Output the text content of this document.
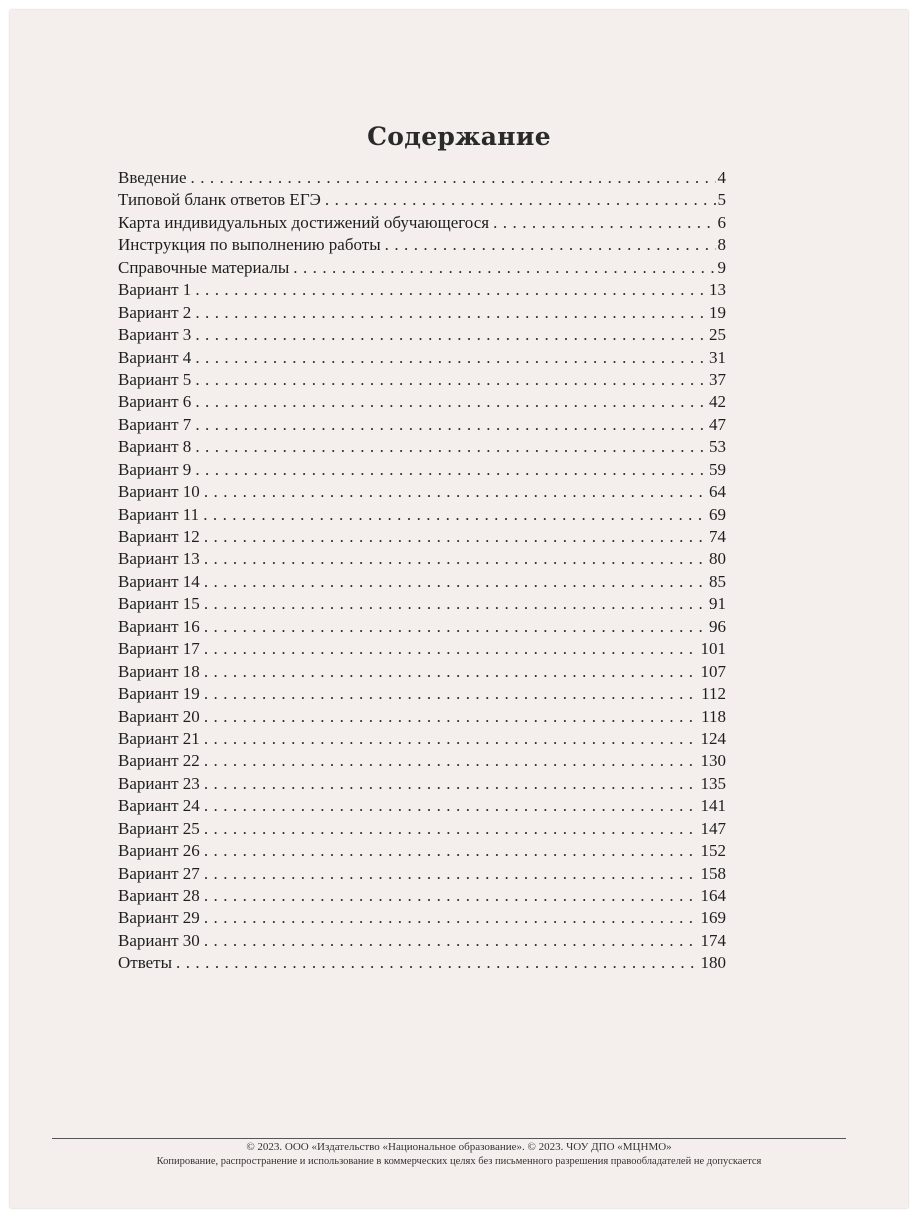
Содержание
Введение . . .	4
Типовой бланк ответов ЕГЭ . . .	5
Карта индивидуальных достижений обучающегося . . .	6
Инструкция по выполнению работы . . .	8
Справочные материалы . . .	9
Вариант 1 . . .	13
Вариант 2 . . .	19
Вариант 3 . . .	25
Вариант 4 . . .	31
Вариант 5 . . .	37
Вариант 6 . . .	42
Вариант 7 . . .	47
Вариант 8 . . .	53
Вариант 9 . . .	59
Вариант 10 . . .	64
Вариант 11 . . .	69
Вариант 12 . . .	74
Вариант 13 . . .	80
Вариант 14 . . .	85
Вариант 15 . . .	91
Вариант 16 . . .	96
Вариант 17 . . .	101
Вариант 18 . . .	107
Вариант 19 . . .	112
Вариант 20 . . .	118
Вариант 21 . . .	124
Вариант 22 . . .	130
Вариант 23 . . .	135
Вариант 24 . . .	141
Вариант 25 . . .	147
Вариант 26 . . .	152
Вариант 27 . . .	158
Вариант 28 . . .	164
Вариант 29 . . .	169
Вариант 30 . . .	174
Ответы . . .	180
© 2023. ООО «Издательство «Национальное образование». © 2023. ЧОУ ДПО «МЦНМО»
Копирование, распространение и использование в коммерческих целях без письменного разрешения правообладателей не допускается
